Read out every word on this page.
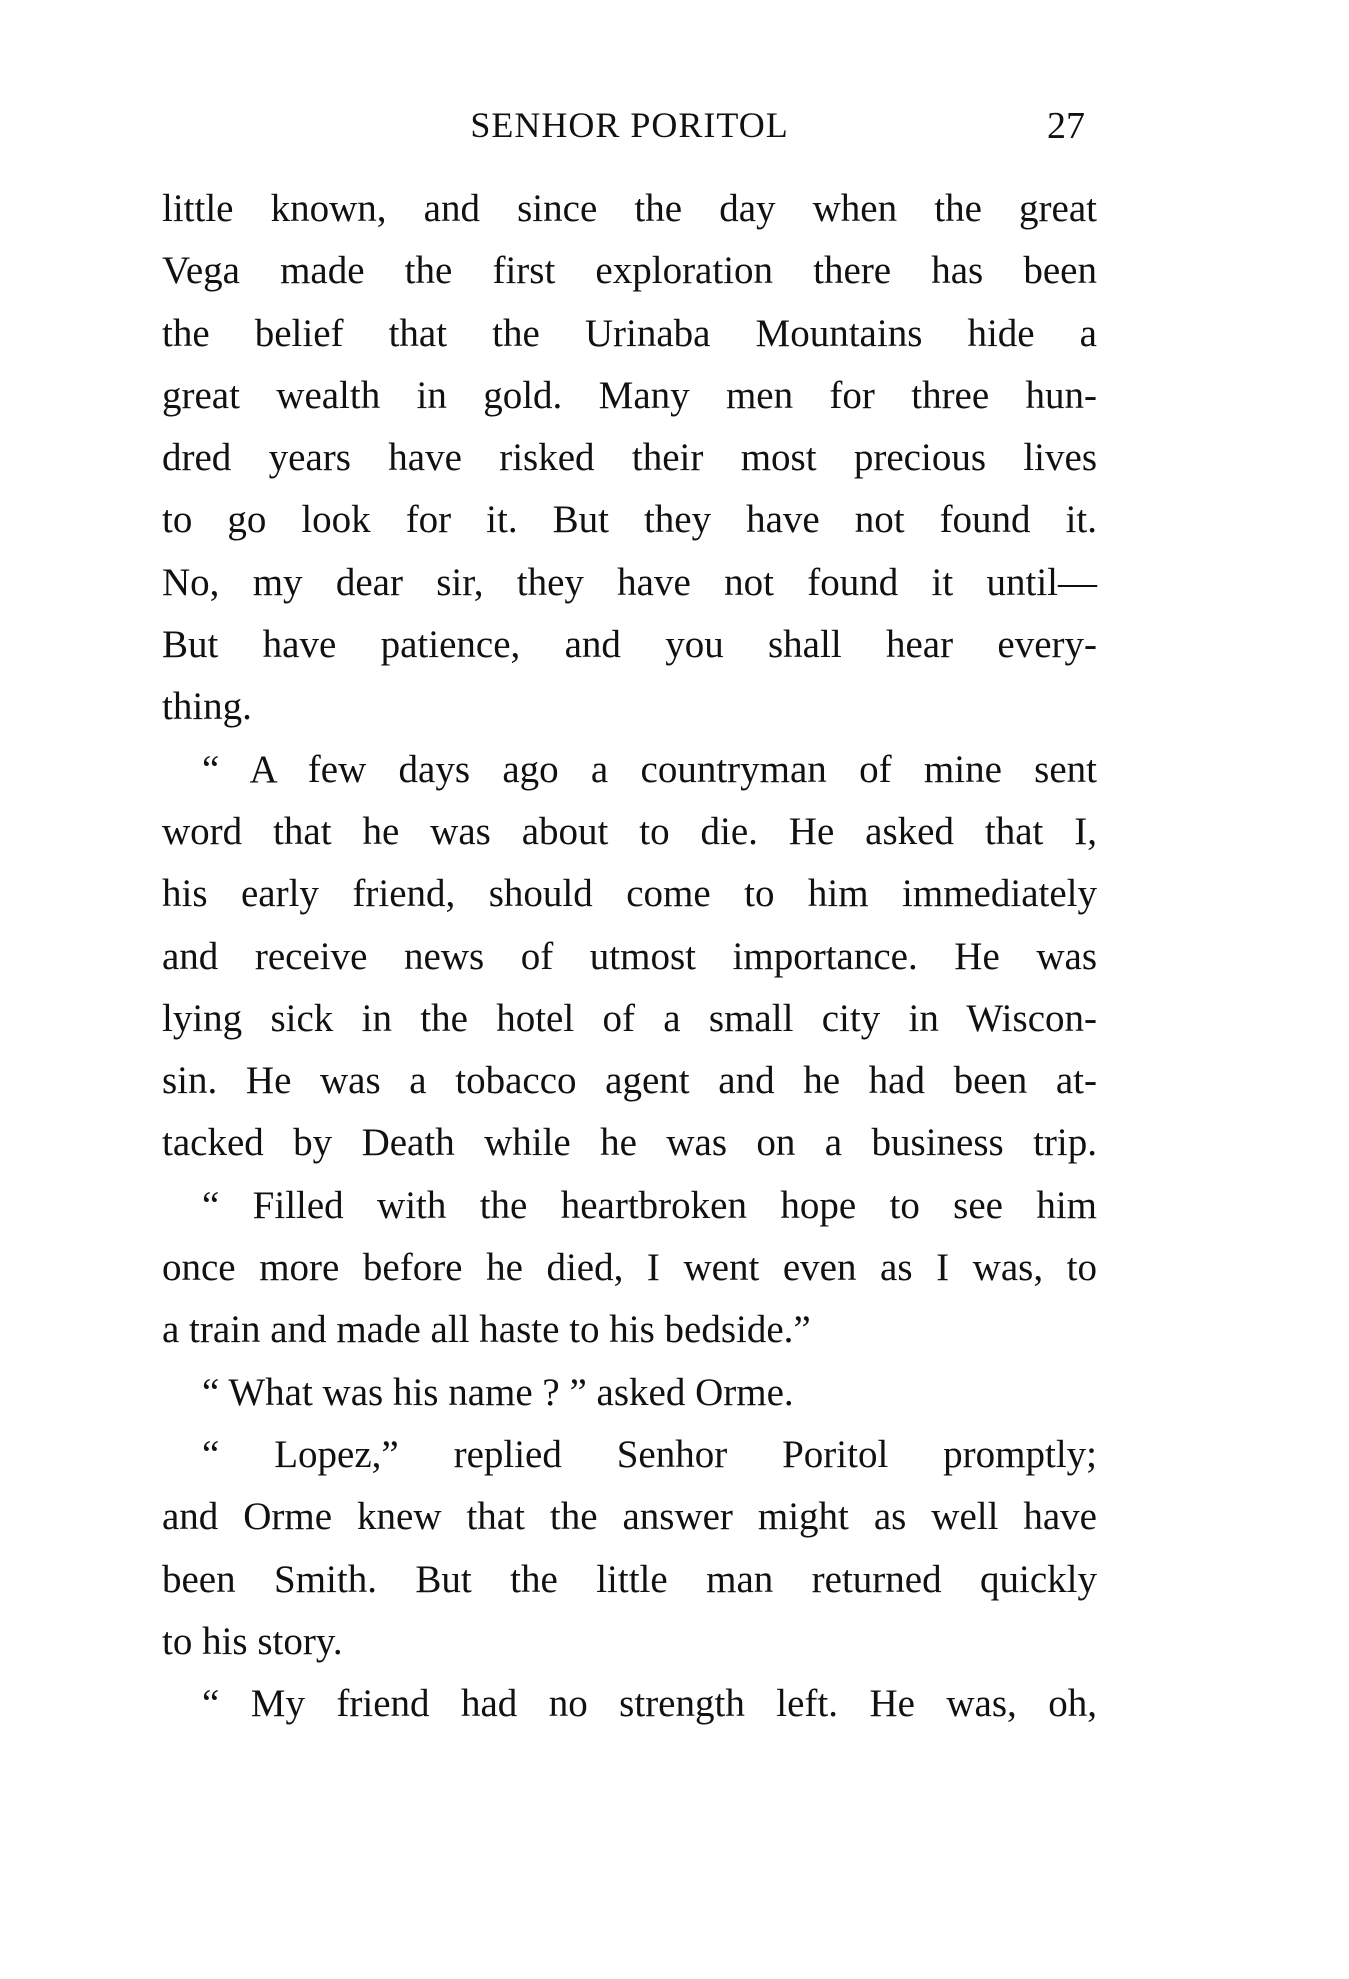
SENHOR PORITOL	27
little known, and since the day when the great
Vega made the first exploration there has been
the belief that the Urinaba Mountains hide a
great wealth in gold. Many men for three hun-
dred years have risked their most precious lives
to go look for it. But they have not found it.
No, my dear sir, they have not found it until—
But have patience, and you shall hear every-
thing.
“ A few days ago a countryman of mine sent
word that he was about to die. He asked that I,
his early friend, should come to him immediately
and receive news of utmost importance. He was
lying sick in the hotel of a small city in Wiscon-
sin. He was a tobacco agent and he had been at-
tacked by Death while he was on a business trip.
“ Filled with the heartbroken hope to see him
once more before he died, I went even as I was, to
a train and made all haste to his bedside.”
“ What was his name ? ” asked Orme.
“ Lopez,” replied Senhor Poritol promptly;
and Orme knew that the answer might as well have
been Smith. But the little man returned quickly
to his story.
“ My friend had no strength left. He was, oh,
